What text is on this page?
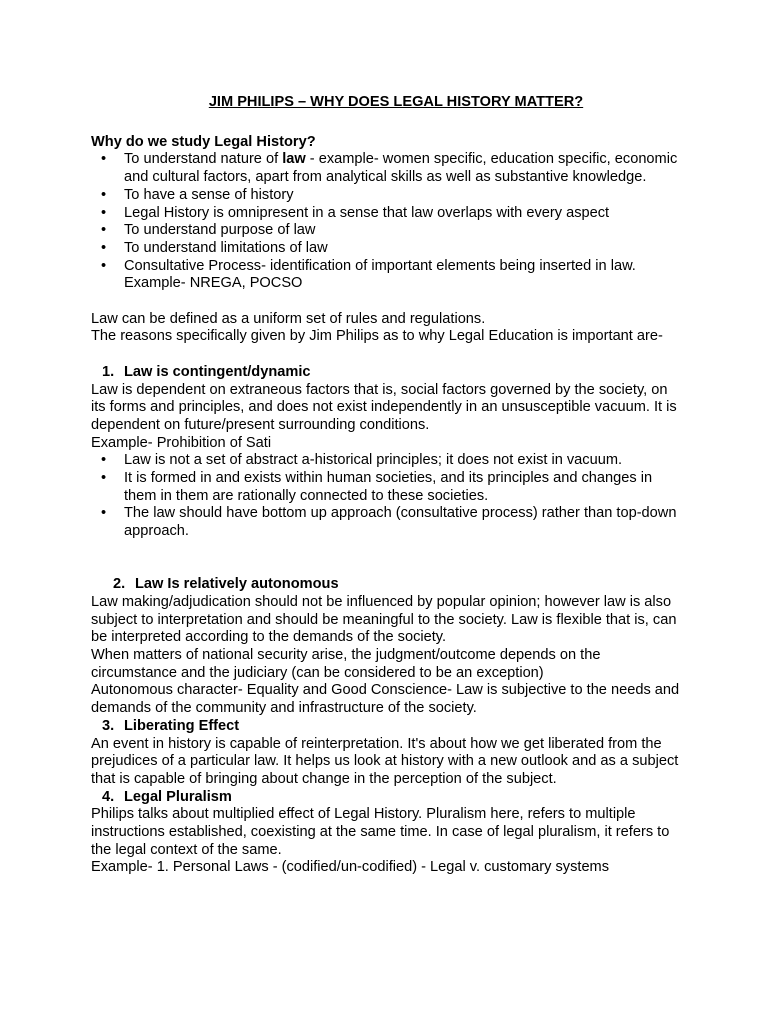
JIM PHILIPS – WHY DOES LEGAL HISTORY MATTER?
Why do we study Legal History?
• To understand nature of law - example- women specific, education specific, economic and cultural factors, apart from analytical skills as well as substantive knowledge.
• To have a sense of history
• Legal History is omnipresent in a sense that law overlaps with every aspect
• To understand purpose of law
• To understand limitations of law
• Consultative Process- identification of important elements being inserted in law.
Example- NREGA, POCSO

Law can be defined as a uniform set of rules and regulations.

The reasons specifically given by Jim Philips as to why Legal Education is important are-

1. Law is contingent/dynamic

Law is dependent on extraneous factors that is, social factors governed by the society, on its forms and principles, and does not exist independently in an unsusceptible vacuum. It is dependent on future/present surrounding conditions.

Example- Prohibition of Sati

• Law is not a set of abstract a-historical principles; it does not exist in vacuum.
• It is formed in and exists within human societies, and its principles and changes in them in them are rationally connected to these societies.
• The law should have bottom up approach (consultative process) rather than top-down approach.
2. Law Is relatively autonomous

Law making/adjudication should not be influenced by popular opinion; however law is also subject to interpretation and should be meaningful to the society. Law is flexible that is, can be interpreted according to the demands of the society.

When matters of national security arise, the judgment/outcome depends on the circumstance and the judiciary (can be considered to be an exception)

Autonomous character- Equality and Good Conscience- Law is subjective to the needs and demands of the community and infrastructure of the society.

3. Liberating Effect

An event in history is capable of reinterpretation. It's about how we get liberated from the prejudices of a particular law. It helps us look at history with a new outlook and as a subject that is capable of bringing about change in the perception of the subject.

4. Legal Pluralism

Philips talks about multiplied effect of Legal History. Pluralism here, refers to multiple instructions established, coexisting at the same time. In case of legal pluralism, it refers to the legal context of the same.

Example- 1. Personal Laws - (codified/un-codified) - Legal v. customary systems
